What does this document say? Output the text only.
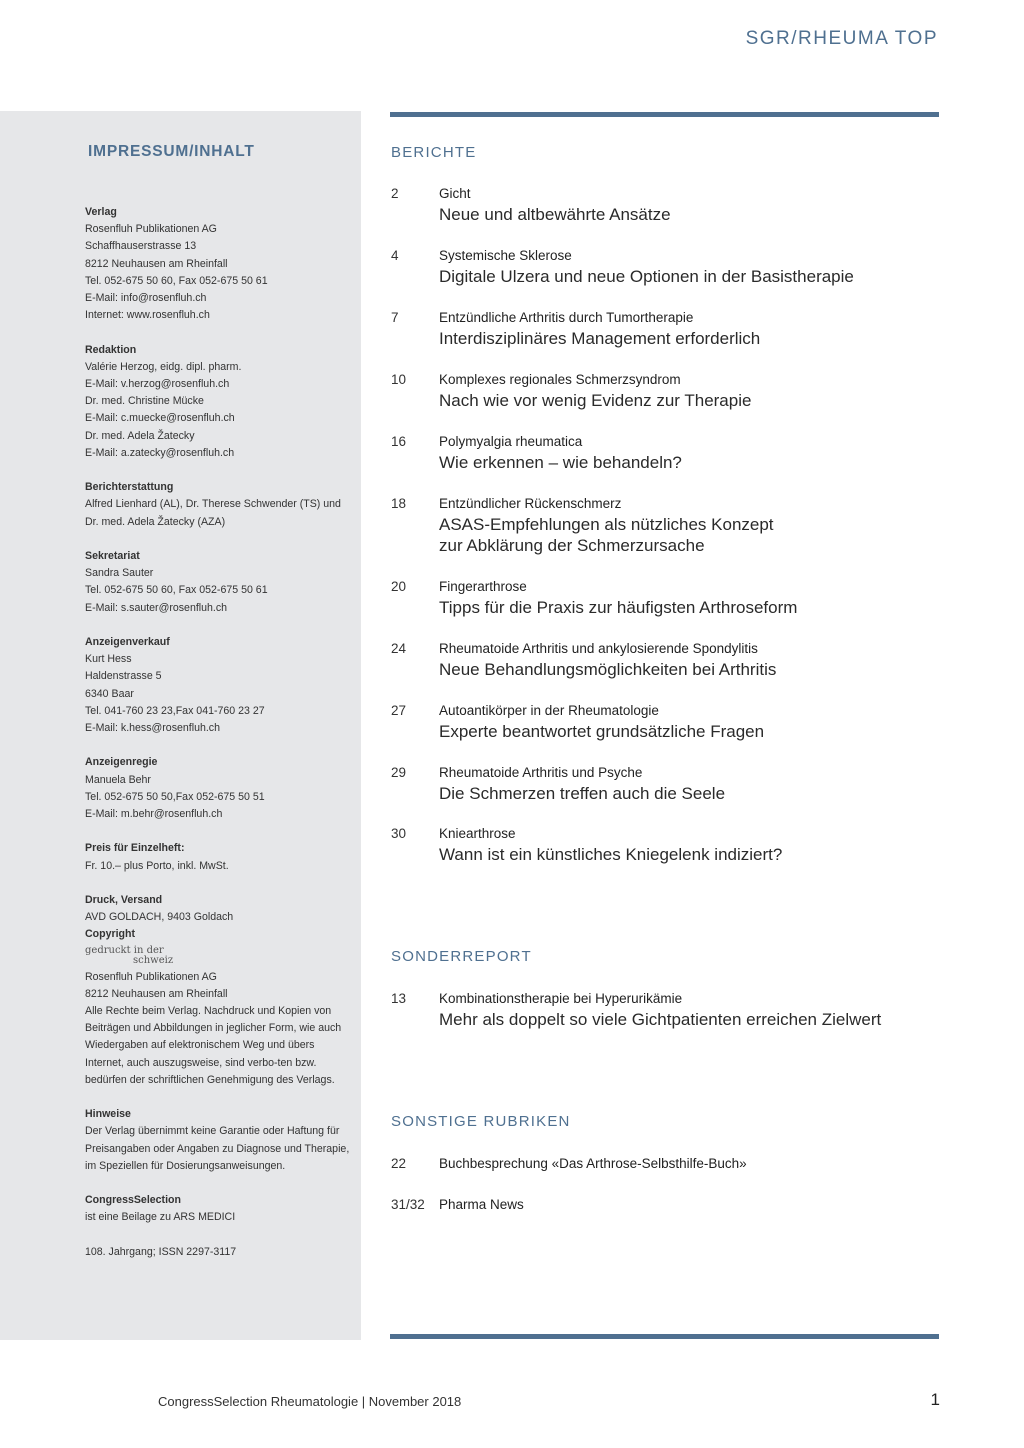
SGR/RHEUMA TOP
IMPRESSUM/INHALT
Verlag
Rosenfluh Publikationen AG
Schaffhauserstrasse 13
8212 Neuhausen am Rheinfall
Tel. 052-675 50 60, Fax 052-675 50 61
E-Mail: info@rosenfluh.ch
Internet: www.rosenfluh.ch
Redaktion
Valérie Herzog, eidg. dipl. pharm.
E-Mail: v.herzog@rosenfluh.ch
Dr. med. Christine Mücke
E-Mail: c.muecke@rosenfluh.ch
Dr. med. Adela Žatecky
E-Mail: a.zatecky@rosenfluh.ch
Berichterstattung
Alfred Lienhard (AL), Dr. Therese Schwender (TS) und
Dr. med. Adela Žatecky (AZA)
Sekretariat
Sandra Sauter
Tel. 052-675 50 60, Fax 052-675 50 61
E-Mail: s.sauter@rosenfluh.ch
Anzeigenverkauf
Kurt Hess
Haldenstrasse 5
6340 Baar
Tel. 041-760 23 23,Fax 041-760 23 27
E-Mail: k.hess@rosenfluh.ch
Anzeigenregie
Manuela Behr
Tel. 052-675 50 50,Fax 052-675 50 51
E-Mail: m.behr@rosenfluh.ch
Preis für Einzelheft:
Fr. 10.– plus Porto, inkl. MwSt.
Druck, Versand
AVD GOLDACH, 9403 Goldach
Copyright
gedruckt in der
schweiz
Rosenfluh Publikationen AG
8212 Neuhausen am Rheinfall
Alle Rechte beim Verlag. Nachdruck und Kopien von Beiträgen und Abbildungen in jeglicher Form, wie auch Wiedergaben auf elektronischem Weg und übers Internet, auch auszugsweise, sind verbo-ten bzw. bedürfen der schriftlichen Genehmigung des Verlags.
Hinweise
Der Verlag übernimmt keine Garantie oder Haftung für Preisangaben oder Angaben zu Diagnose und Therapie, im Speziellen für Dosierungsanweisungen.
CongressSelection
ist eine Beilage zu ARS MEDICI
108. Jahrgang; ISSN 2297-3117
BERICHTE
2	Gicht
Neue und altbewährte Ansätze
4	Systemische Sklerose
Digitale Ulzera und neue Optionen in der Basistherapie
7	Entzündliche Arthritis durch Tumortherapie
Interdisziplinäres Management erforderlich
10 Komplexes regionales Schmerzsyndrom
Nach wie vor wenig Evidenz zur Therapie
16 Polymyalgia rheumatica
Wie erkennen – wie behandeln?
18 Entzündlicher Rückenschmerz
ASAS-Empfehlungen als nützliches Konzept zur Abklärung der Schmerzursache
20 Fingerarthrose
Tipps für die Praxis zur häufigsten Arthroseform
24 Rheumatoide Arthritis und ankylosierende Spondylitis
Neue Behandlungsmöglichkeiten bei Arthritis
27 Autoantikörper in der Rheumatologie
Experte beantwortet grundsätzliche Fragen
29 Rheumatoide Arthritis und Psyche
Die Schmerzen treffen auch die Seele
30 Kniearthrose
Wann ist ein künstliches Kniegelenk indiziert?
SONDERREPORT
13 Kombinationstherapie bei Hyperurikämie
Mehr als doppelt so viele Gichtpatienten erreichen Zielwert
SONSTIGE RUBRIKEN
22 Buchbesprechung «Das Arthrose-Selbsthilfe-Buch»
31/32 Pharma News
CongressSelection Rheumatologie | November 2018	1
